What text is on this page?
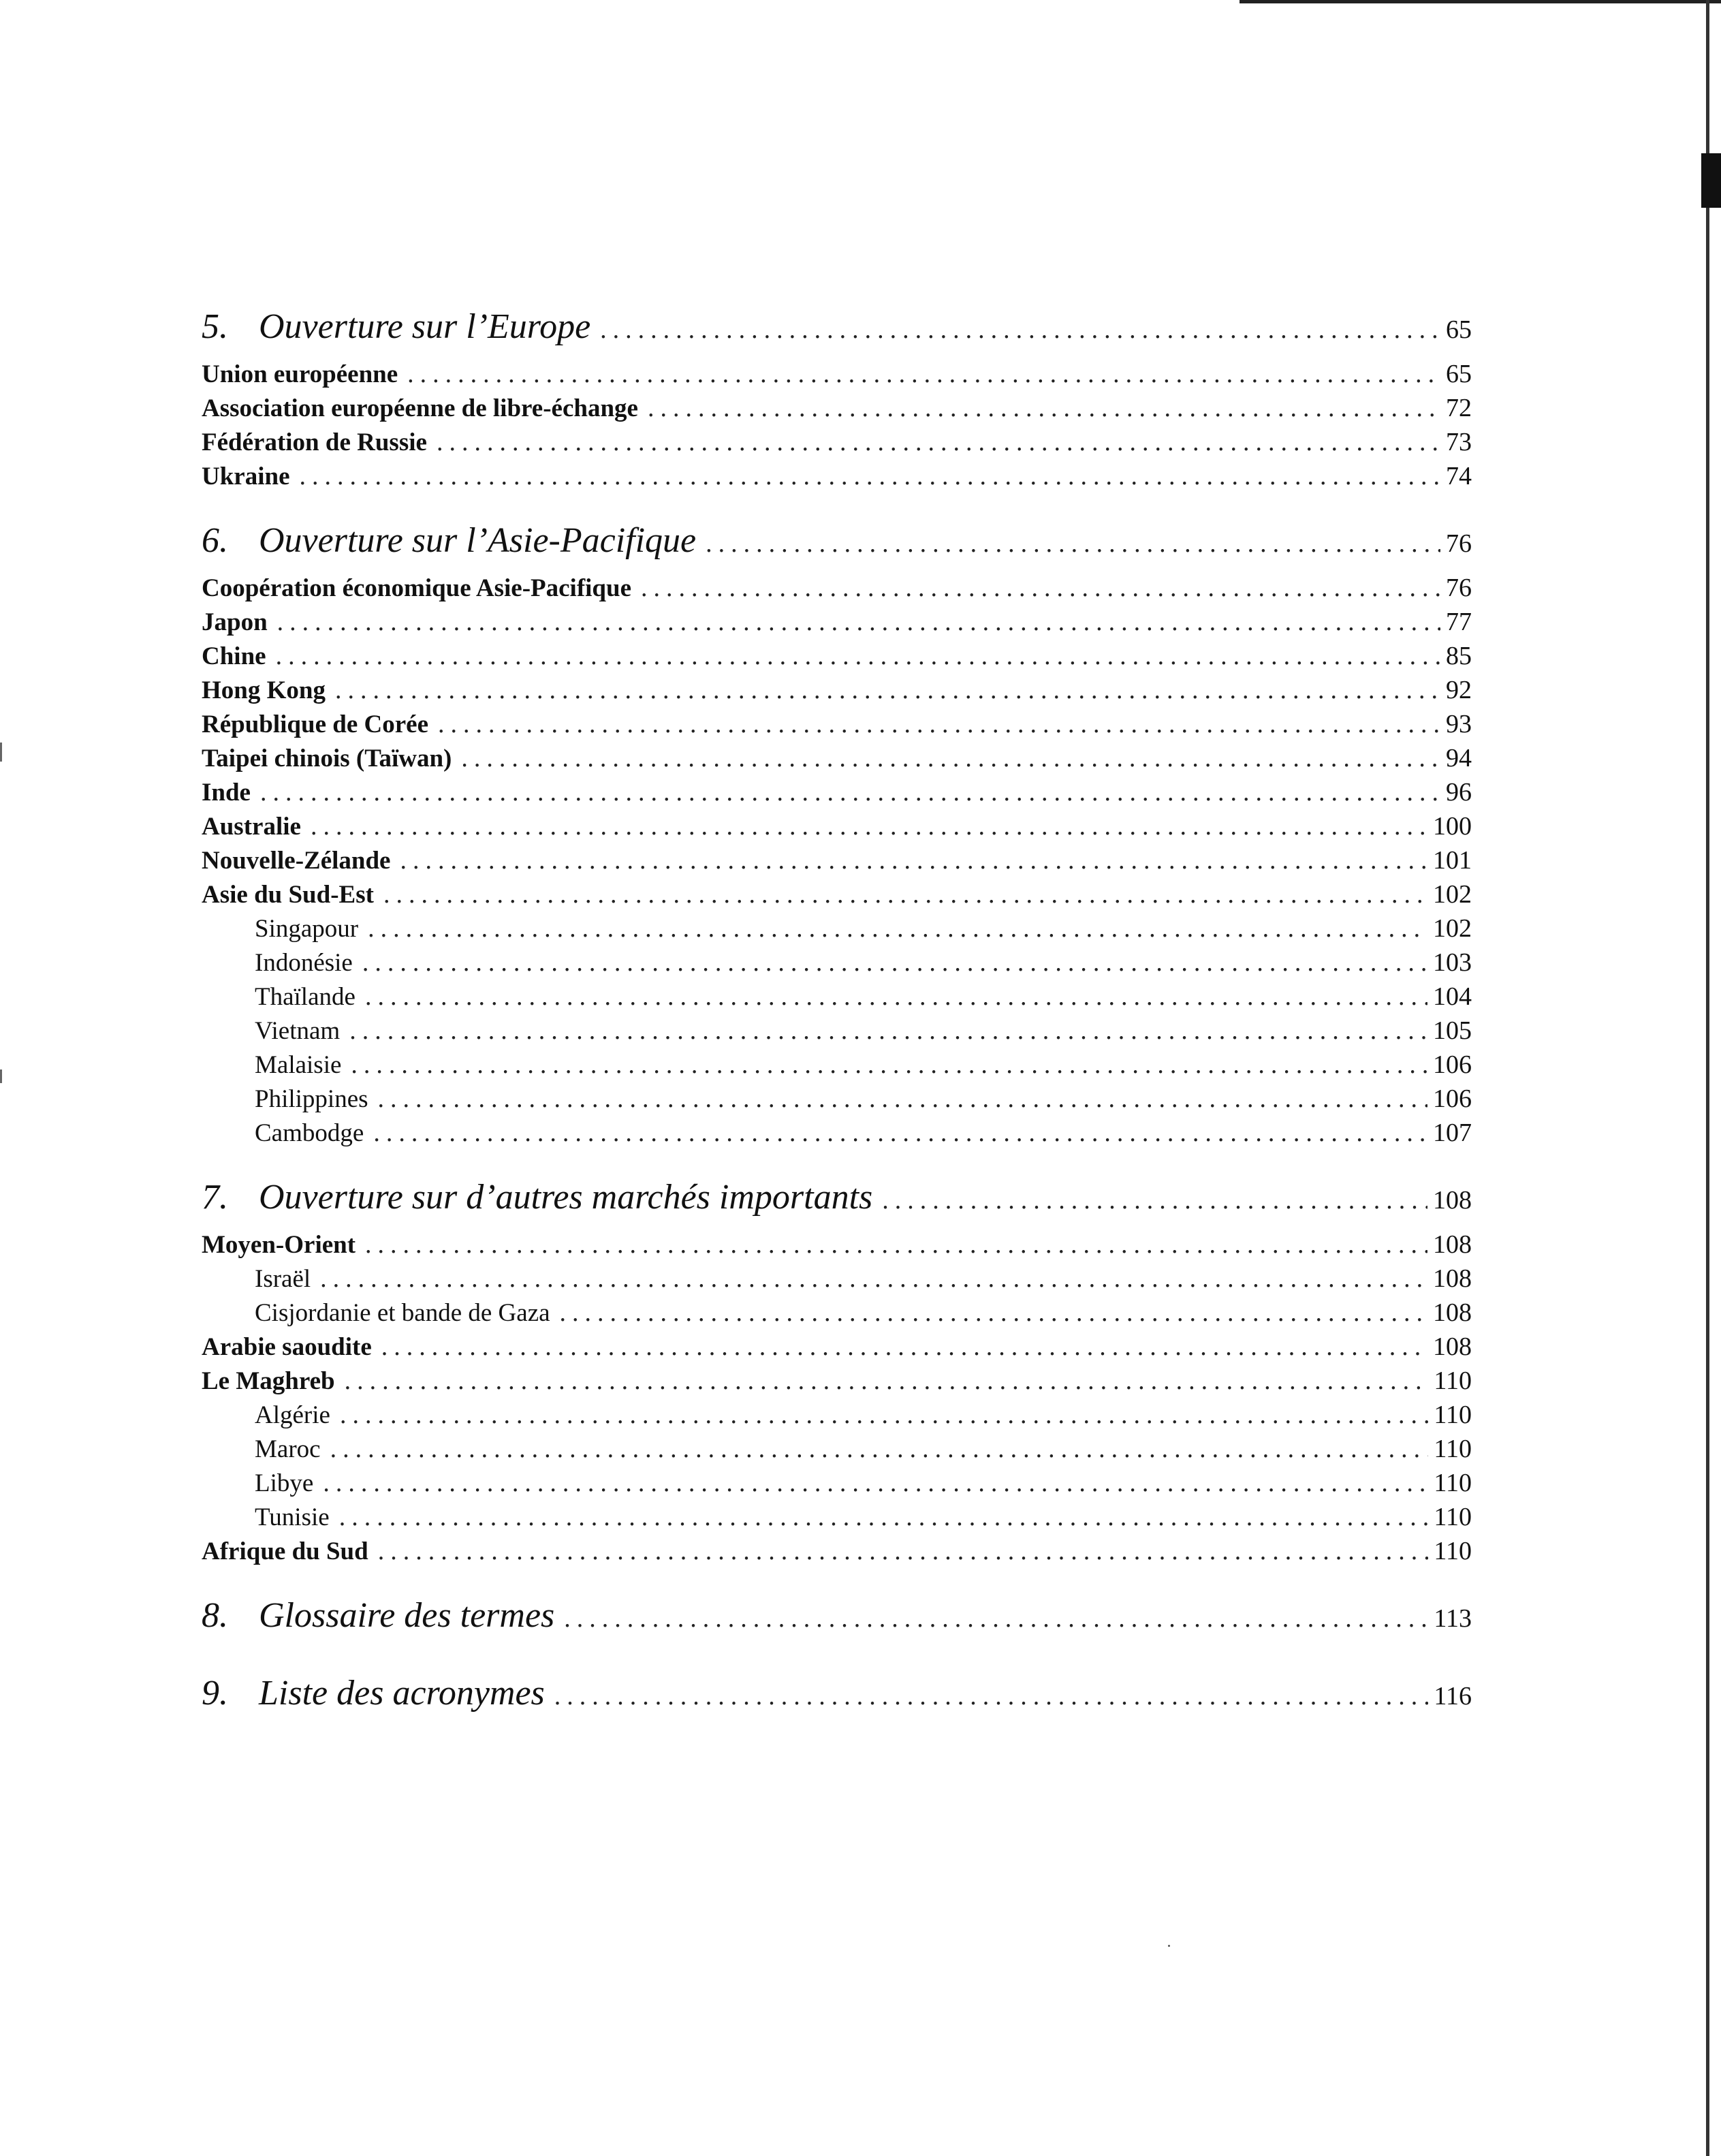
5. Ouverture sur l’Europe .....	65
Union européenne .....	65
Association européenne de libre-échange .....	72
Fédération de Russie .....	73
Ukraine .....	74
6. Ouverture sur l’Asie-Pacifique .....	76
Coopération économique Asie-Pacifique .....	76
Japon .....	77
Chine .....	85
Hong Kong .....	92
République de Corée .....	93
Taipei chinois (Taïwan) .....	94
Inde .....	96
Australie .....	100
Nouvelle-Zélande .....	101
Asie du Sud-Est .....	102
Singapour .....	102
Indonésie .....	103
Thaïlande .....	104
Vietnam .....	105
Malaisie .....	106
Philippines .....	106
Cambodge .....	107
7. Ouverture sur d’autres marchés importants .....	108
Moyen-Orient .....	108
Israël .....	108
Cisjordanie et bande de Gaza .....	108
Arabie saoudite .....	108
Le Maghreb .....	110
Algérie .....	110
Maroc .....	110
Libye .....	110
Tunisie .....	110
Afrique du Sud .....	110
8. Glossaire des termes .....	113
9. Liste des acronymes .....	116
